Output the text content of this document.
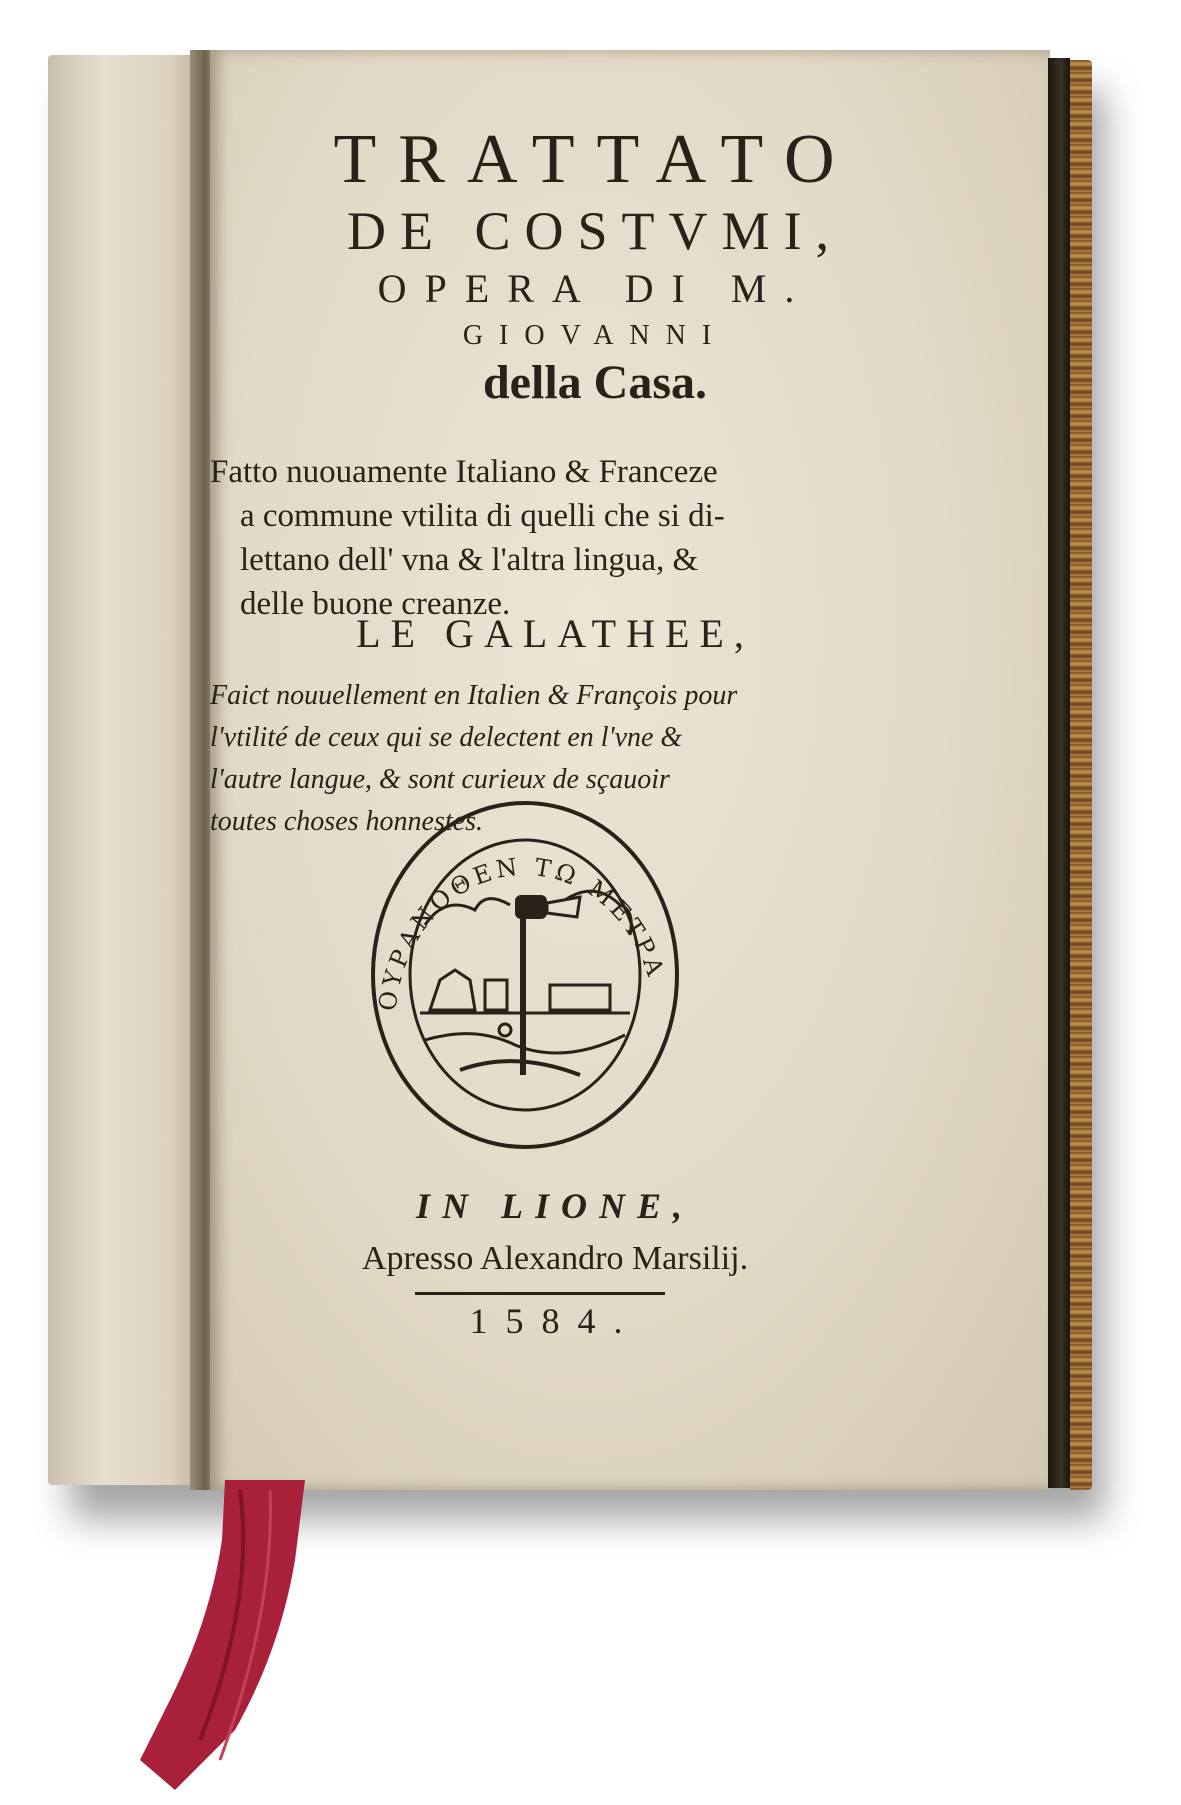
TRATTATO
DE COSTVMI,
OPERA DI M.
GIOVANNI
della Casa.
Fatto nuouamente Italiano & Franceze
a commune vtilita di quelli che si di-
lettano dell' vna & l'altra lingua, &
delle buone creanze.
LE GALATHEE,
Faict nouuellement en Italien & François pour
l'vtilité de ceux qui se delectent en l'vne &
l'autre langue, & sont curieux de sçauoir
toutes choses honnestes.
ΟΥΡΑΝΟΘΕΝ ΤΩ ΜΕΤΡΑ
IN LIONE,
Apresso Alexandro Marsilij.
1584.
